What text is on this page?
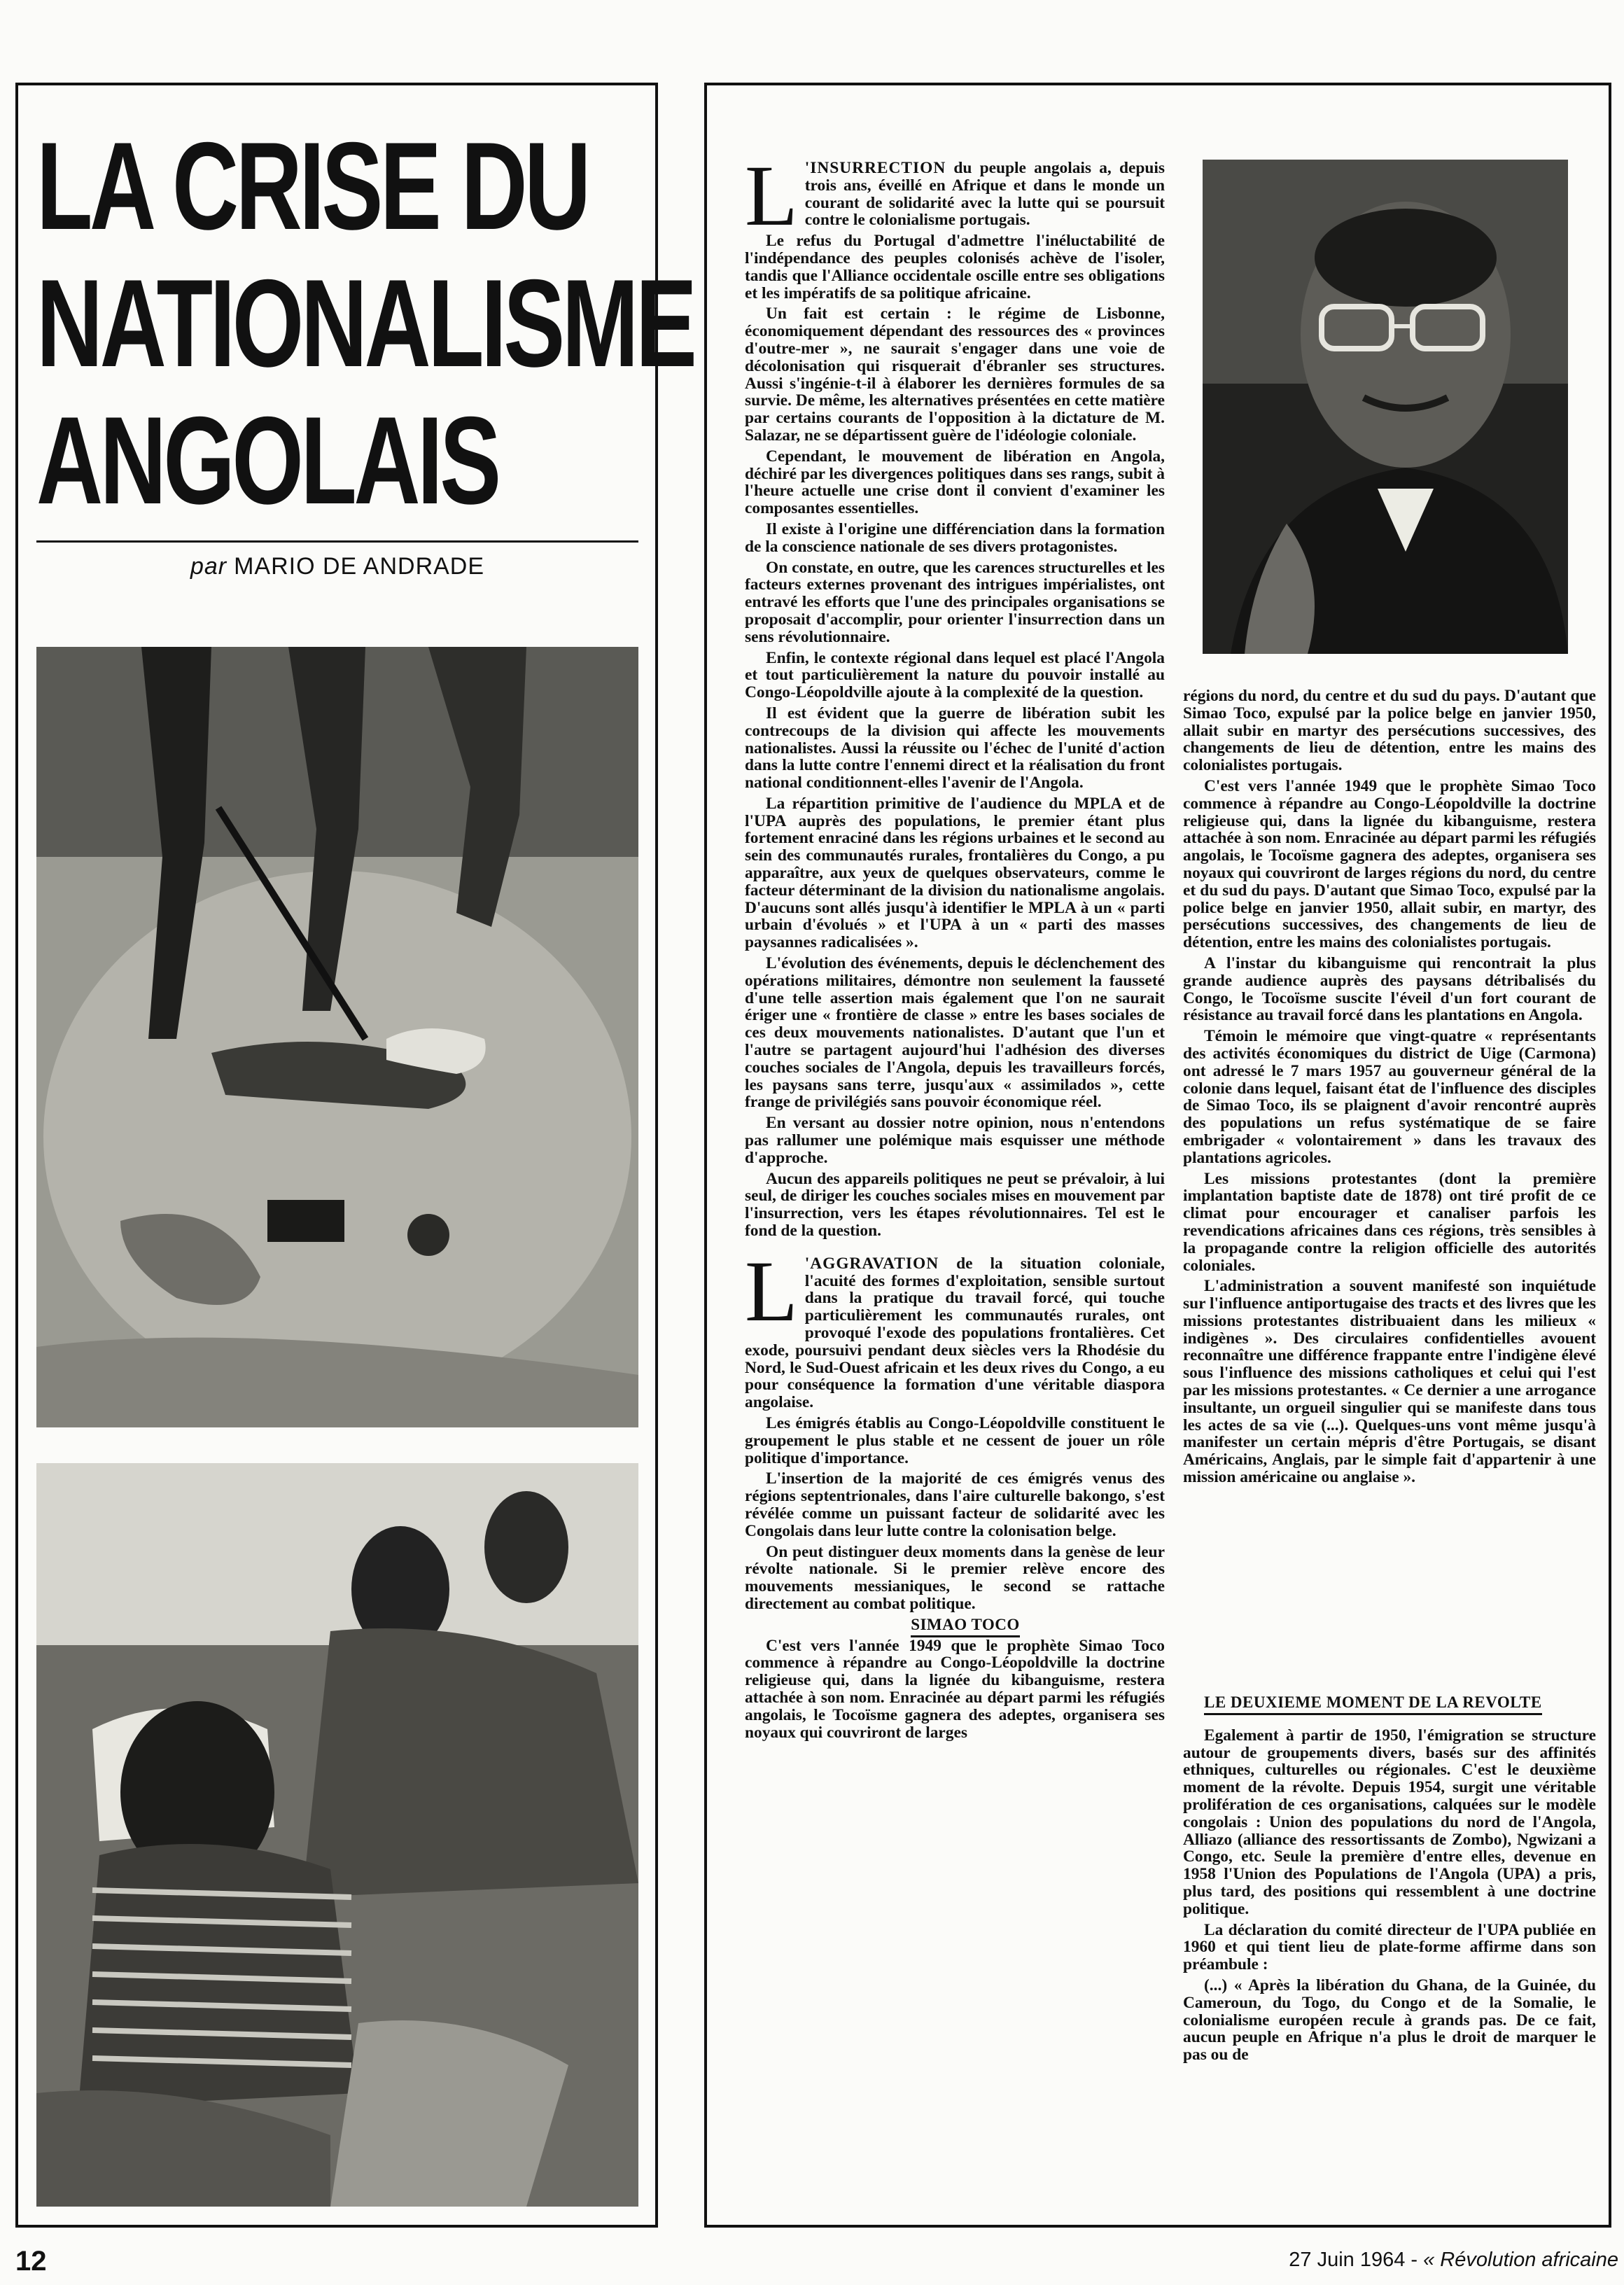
LA CRISE DU
NATIONALISME
ANGOLAIS
par MARIO DE ANDRADE

L 'INSURRECTION du peuple angolais a, depuis trois ans, éveillé en Afrique et dans le monde un courant de solidarité avec la lutte qui se poursuit contre le colonialisme portugais.

Le refus du Portugal d'admettre l'inéluctabilité de l'indépendance des peuples colonisés achève de l'isoler, tandis que l'Alliance occidentale oscille entre ses obligations et les impératifs de sa politique africaine.

Un fait est certain : le régime de Lisbonne, économiquement dépendant des ressources des « provinces d'outre-mer », ne saurait s'engager dans une voie de décolonisation qui risquerait d'ébranler ses structures. Aussi s'ingénie-t-il à élaborer les dernières formules de sa survie. De même, les alternatives présentées en cette matière par certains courants de l'opposition à la dictature de M. Salazar, ne se départissent guère de l'idéologie coloniale.

Cependant, le mouvement de libération en Angola, déchiré par les divergences politiques dans ses rangs, subit à l'heure actuelle une crise dont il convient d'examiner les composantes essentielles.

Il existe à l'origine une différenciation dans la formation de la conscience nationale de ses divers protagonistes.

On constate, en outre, que les carences structurelles et les facteurs externes provenant des intrigues impérialistes, ont entravé les efforts que l'une des principales organisations se proposait d'accomplir, pour orienter l'insurrection dans un sens révolutionnaire.

Enfin, le contexte régional dans lequel est placé l'Angola et tout particulièrement la nature du pouvoir installé au Congo-Léopoldville ajoute à la complexité de la question.

Il est évident que la guerre de libération subit les contrecoups de la division qui affecte les mouvements nationalistes. Aussi la réussite ou l'échec de l'unité d'action dans la lutte contre l'ennemi direct et la réalisation du front national conditionnent-elles l'avenir de l'Angola.

La répartition primitive de l'audience du MPLA et de l'UPA auprès des populations, le premier étant plus fortement enraciné dans les régions urbaines et le second au sein des communautés rurales, frontalières du Congo, a pu apparaître, aux yeux de quelques observateurs, comme le facteur déterminant de la division du nationalisme angolais. D'aucuns sont allés jusqu'à identifier le MPLA à un « parti urbain d'évolués » et l'UPA à un « parti des masses paysannes radicalisées ».

L'évolution des événements, depuis le déclenchement des opérations militaires, démontre non seulement la fausseté d'une telle assertion mais également que l'on ne saurait ériger une « frontière de classe » entre les bases sociales de ces deux mouvements nationalistes. D'autant que l'un et l'autre se partagent aujourd'hui l'adhésion des diverses couches sociales de l'Angola, depuis les travailleurs forcés, les paysans sans terre, jusqu'aux « assimilados », cette frange de privilégiés sans pouvoir économique réel.

En versant au dossier notre opinion, nous n'entendons pas rallumer une polémique mais esquisser une méthode d'approche.

Aucun des appareils politiques ne peut se prévaloir, à lui seul, de diriger les couches sociales mises en mouvement par l'insurrection, vers les étapes révolutionnaires. Tel est le fond de la question.

L 'AGGRAVATION de la situation coloniale, l'acuité des formes d'exploitation, sensible surtout dans la pratique du travail forcé, qui touche particulièrement les communautés rurales, ont provoqué l'exode des populations frontalières. Cet exode, poursuivi pendant deux siècles vers la Rhodésie du Nord, le Sud-Ouest africain et les deux rives du Congo, a eu pour conséquence la formation d'une véritable diaspora angolaise.

Les émigrés établis au Congo-Léopoldville constituent le groupement le plus stable et ne cessent de jouer un rôle politique d'importance.

L'insertion de la majorité de ces émigrés venus des régions septentrionales, dans l'aire culturelle bakongo, s'est révélée comme un puissant facteur de solidarité avec les Congolais dans leur lutte contre la colonisation belge.

On peut distinguer deux moments dans la genèse de leur révolte nationale. Si le premier relève encore des mouvements messianiques, le second se rattache directement au combat politique.

SIMAO TOCO

C'est vers l'année 1949 que le prophète Simao Toco commence à répandre au Congo-Léopoldville la doctrine religieuse qui, dans la lignée du kibanguisme, restera attachée à son nom. Enracinée au départ parmi les réfugiés angolais, le Tocoïsme gagnera des adeptes, organisera ses noyaux qui couvriront de larges

régions du nord, du centre et du sud du pays. D'autant que Simao Toco, expulsé par la police belge en janvier 1950, allait subir en martyr des persécutions successives, des changements de lieu de détention, entre les mains des colonialistes portugais.

C'est vers l'année 1949 que le prophète Simao Toco commence à répandre au Congo-Léopoldville la doctrine religieuse qui, dans la lignée du kibanguisme, restera attachée à son nom. Enracinée au départ parmi les réfugiés angolais, le Tocoïsme gagnera des adeptes, organisera ses noyaux qui couvriront de larges régions du nord, du centre et du sud du pays. D'autant que Simao Toco, expulsé par la police belge en janvier 1950, allait subir, en martyr, des persécutions successives, des changements de lieu de détention, entre les mains des colonialistes portugais.

A l'instar du kibanguisme qui rencontrait la plus grande audience auprès des paysans détribalisés du Congo, le Tocoïsme suscite l'éveil d'un fort courant de résistance au travail forcé dans les plantations en Angola.

Témoin le mémoire que vingt-quatre « représentants des activités économiques du district de Uige (Carmona) ont adressé le 7 mars 1957 au gouverneur général de la colonie dans lequel, faisant état de l'influence des disciples de Simao Toco, ils se plaignent d'avoir rencontré auprès des populations un refus systématique de se faire embrigader « volontairement » dans les travaux des plantations agricoles.

Les missions protestantes (dont la première implantation baptiste date de 1878) ont tiré profit de ce climat pour encourager et canaliser parfois les revendications africaines dans ces régions, très sensibles à la propagande contre la religion officielle des autorités coloniales.

L'administration a souvent manifesté son inquiétude sur l'influence antiportugaise des tracts et des livres que les missions protestantes distribuaient dans les milieux « indigènes ». Des circulaires confidentielles avouent reconnaître une différence frappante entre l'indigène élevé sous l'influence des missions catholiques et celui qui l'est par les missions protestantes. « Ce dernier a une arrogance insultante, un orgueil singulier qui se manifeste dans tous les actes de sa vie (...). Quelques-uns vont même jusqu'à manifester un certain mépris d'être Portugais, se disant Américains, Anglais, par le simple fait d'appartenir à une mission américaine ou anglaise ».

LE DEUXIEME MOMENT DE LA REVOLTE

Egalement à partir de 1950, l'émigration se structure autour de groupements divers, basés sur des affinités ethniques, culturelles ou régionales. C'est le deuxième moment de la révolte. Depuis 1954, surgit une véritable prolifération de ces organisations, calquées sur le modèle congolais : Union des populations du nord de l'Angola, Alliazo (alliance des ressortissants de Zombo), Ngwizani a Congo, etc. Seule la première d'entre elles, devenue en 1958 l'Union des Populations de l'Angola (UPA) a pris, plus tard, des positions qui ressemblent à une doctrine politique.

La déclaration du comité directeur de l'UPA publiée en 1960 et qui tient lieu de plate-forme affirme dans son préambule :

(...) « Après la libération du Ghana, de la Guinée, du Cameroun, du Togo, du Congo et de la Somalie, le colonialisme européen recule à grands pas. De ce fait, aucun peuple en Afrique n'a plus le droit de marquer le pas ou de

12	27 Juin 1964 - « Révolution africaine
